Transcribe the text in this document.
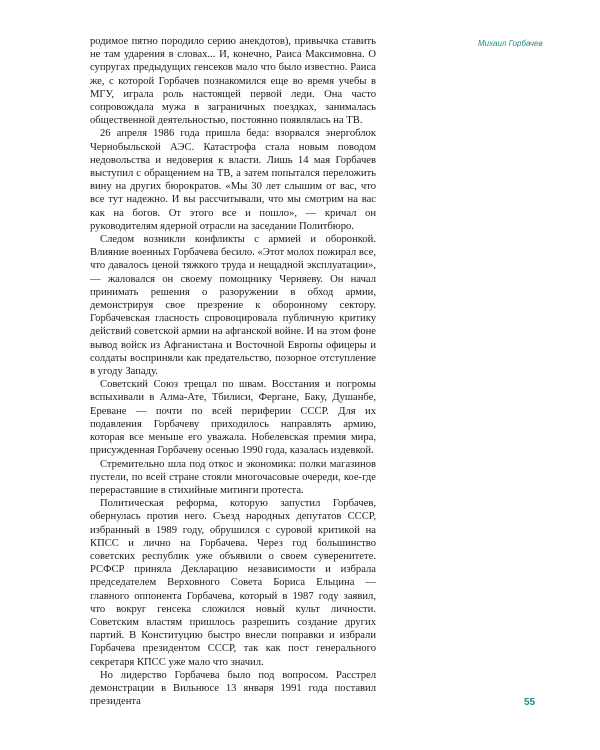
Михаил Горбачев

родимое пятно породило серию анекдотов), привычка ставить не там ударения в словах... И, конечно, Раиса Максимовна. О супругах предыдущих генсеков мало что было известно. Раиса же, с которой Горбачев познакомился еще во время учебы в МГУ, играла роль настоящей первой леди. Она часто сопровождала мужа в заграничных поездках, занималась общественной деятельностью, постоянно появлялась на ТВ.

26 апреля 1986 года пришла беда: взорвался энергоблок Чернобыльской АЭС. Катастрофа стала новым поводом недовольства и недоверия к власти. Лишь 14 мая Горбачев выступил с обращением на ТВ, а затем попытался переложить вину на других бюрократов. «Мы 30 лет слышим от вас, что все тут надежно. И вы рассчитывали, что мы смотрим на вас как на богов. От этого все и пошло», — кричал он руководителям ядерной отрасли на заседании Политбюро.

Следом возникли конфликты с армией и оборонкой. Влияние военных Горбачева бесило. «Этот молох пожирал все, что давалось ценой тяжкого труда и нещадной эксплуатации», — жаловался он своему помощнику Черняеву. Он начал принимать решения о разоружении в обход армии, демонстрируя свое презрение к оборонному сектору. Горбачевская гласность спровоцировала публичную критику действий советской армии на афганской войне. И на этом фоне вывод войск из Афганистана и Восточной Европы офицеры и солдаты восприняли как предательство, позорное отступление в угоду Западу.

Советский Союз трещал по швам. Восстания и погромы вспыхивали в Алма-Ате, Тбилиси, Фергане, Баку, Душанбе, Ереване — почти по всей периферии СССР. Для их подавления Горбачеву приходилось направлять армию, которая все меньше его уважала. Нобелевская премия мира, присужденная Горбачеву осенью 1990 года, казалась издевкой.

Стремительно шла под откос и экономика: полки магазинов пустели, по всей стране стояли многочасовые очереди, кое-где перераставшие в стихийные митинги протеста.

Политическая реформа, которую запустил Горбачев, обернулась против него. Съезд народных депутатов СССР, избранный в 1989 году, обрушился с суровой критикой на КПСС и лично на Горбачева. Через год большинство советских республик уже объявили о своем суверенитете. РСФСР приняла Декларацию независимости и избрала председателем Верховного Совета Бориса Ельцина — главного оппонента Горбачева, который в 1987 году заявил, что вокруг генсека сложился новый культ личности. Советским властям пришлось разрешить создание других партий. В Конституцию быстро внесли поправки и избрали Горбачева президентом СССР, так как пост генерального секретаря КПСС уже мало что значил.

Но лидерство Горбачева было под вопросом. Расстрел демонстрации в Вильнюсе 13 января 1991 года поставил президента	55
